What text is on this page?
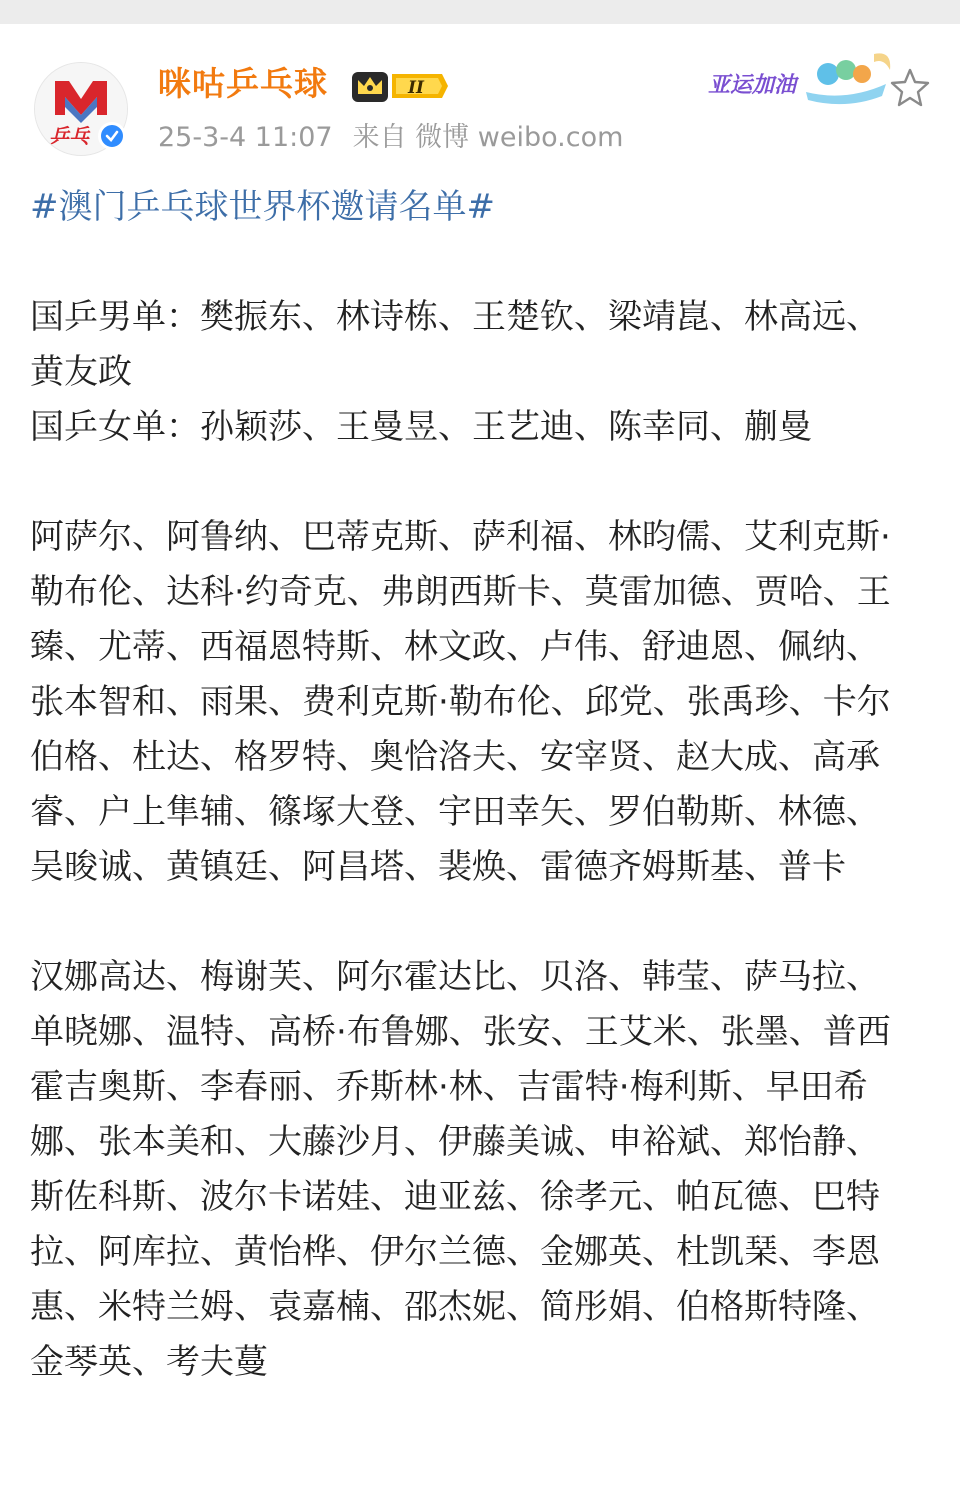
乒乓
咪咕乒乓球	II
25-3-4 11:07 来自 微博 weibo.com
亚运加油
#澳门乒乓球世界杯邀请名单#

国乒男单：樊振东、林诗栋、王楚钦、梁靖崑、林高远、黄友政

国乒女单：孙颖莎、王曼昱、王艺迪、陈幸同、蒯曼

阿萨尔、阿鲁纳、巴蒂克斯、萨利福、林昀儒、艾利克斯·勒布伦、达科·约奇克、弗朗西斯卡、莫雷加德、贾哈、王臻、尤蒂、西福恩特斯、林文政、卢伟、舒迪恩、佩纳、张本智和、雨果、费利克斯·勒布伦、邱党、张禹珍、卡尔伯格、杜达、格罗特、奥恰洛夫、安宰贤、赵大成、高承睿、户上隼辅、篠塚大登、宇田幸矢、罗伯勒斯、林德、吴晙诚、黄镇廷、阿昌塔、裴焕、雷德齐姆斯基、普卡

汉娜高达、梅谢芙、阿尔霍达比、贝洛、韩莹、萨马拉、单晓娜、温特、高桥·布鲁娜、张安、王艾米、张墨、普西霍吉奥斯、李春丽、乔斯林·林、吉雷特·梅利斯、早田希娜、张本美和、大藤沙月、伊藤美诚、申裕斌、郑怡静、斯佐科斯、波尔卡诺娃、迪亚兹、徐孝元、帕瓦德、巴特拉、阿库拉、黄怡桦、伊尔兰德、金娜英、杜凯琹、李恩惠、米特兰姆、袁嘉楠、邵杰妮、简彤娟、伯格斯特隆、金琴英、考夫蔓
